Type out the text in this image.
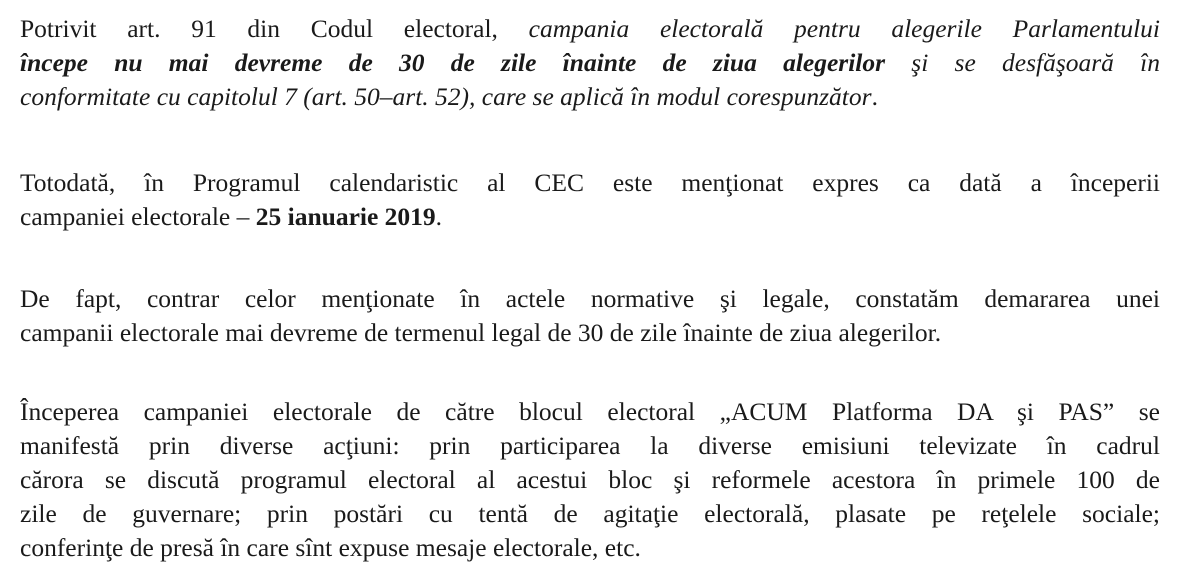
Potrivit art. 91 din Codul electoral, campania electorală pentru alegerile Parlamentului
începe nu mai devreme de 30 de zile înainte de ziua alegerilor şi se desfăşoară în
conformitate cu capitolul 7 (art. 50–art. 52), care se aplică în modul corespunzător.

Totodată, în Programul calendaristic al CEC este menţionat expres ca dată a începerii
campaniei electorale – 25 ianuarie 2019.

De fapt, contrar celor menţionate în actele normative şi legale, constatăm demararea unei
campanii electorale mai devreme de termenul legal de 30 de zile înainte de ziua alegerilor.

Începerea campaniei electorale de către blocul electoral „ACUM Platforma DA şi PAS” se
manifestă prin diverse acţiuni: prin participarea la diverse emisiuni televizate în cadrul
cărora se discută programul electoral al acestui bloc şi reformele acestora în primele 100 de
zile de guvernare; prin postări cu tentă de agitaţie electorală, plasate pe reţelele sociale;
conferinţe de presă în care sînt expuse mesaje electorale, etc.
